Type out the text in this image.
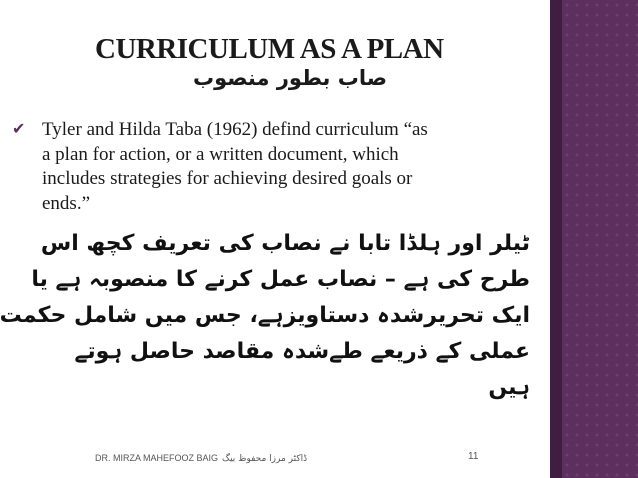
CURRICULUM AS A PLAN
صاب بطور منصوب
✔ Tyler and Hilda Taba (1962) defind curriculum “as
a plan for action, or a written document, which
includes strategies for achieving desired goals or
ends.”
ٹیلر اور ہلڈا تابا نے نصاب کی تعریف کچھ اس
طرح کی ہے – نصاب عمل کرنے کا منصوبہ ہے یا
ایک تحریرشدہ دستاویزہے، جس میں شامل حکمت
عملی کے ذریعے طےشدہ مقاصد حاصل ہوتے
ہیں
DR. MIRZA MAHEFOOZ BAIG ڈاکٹر مرزا محفوظ بیگ	11
